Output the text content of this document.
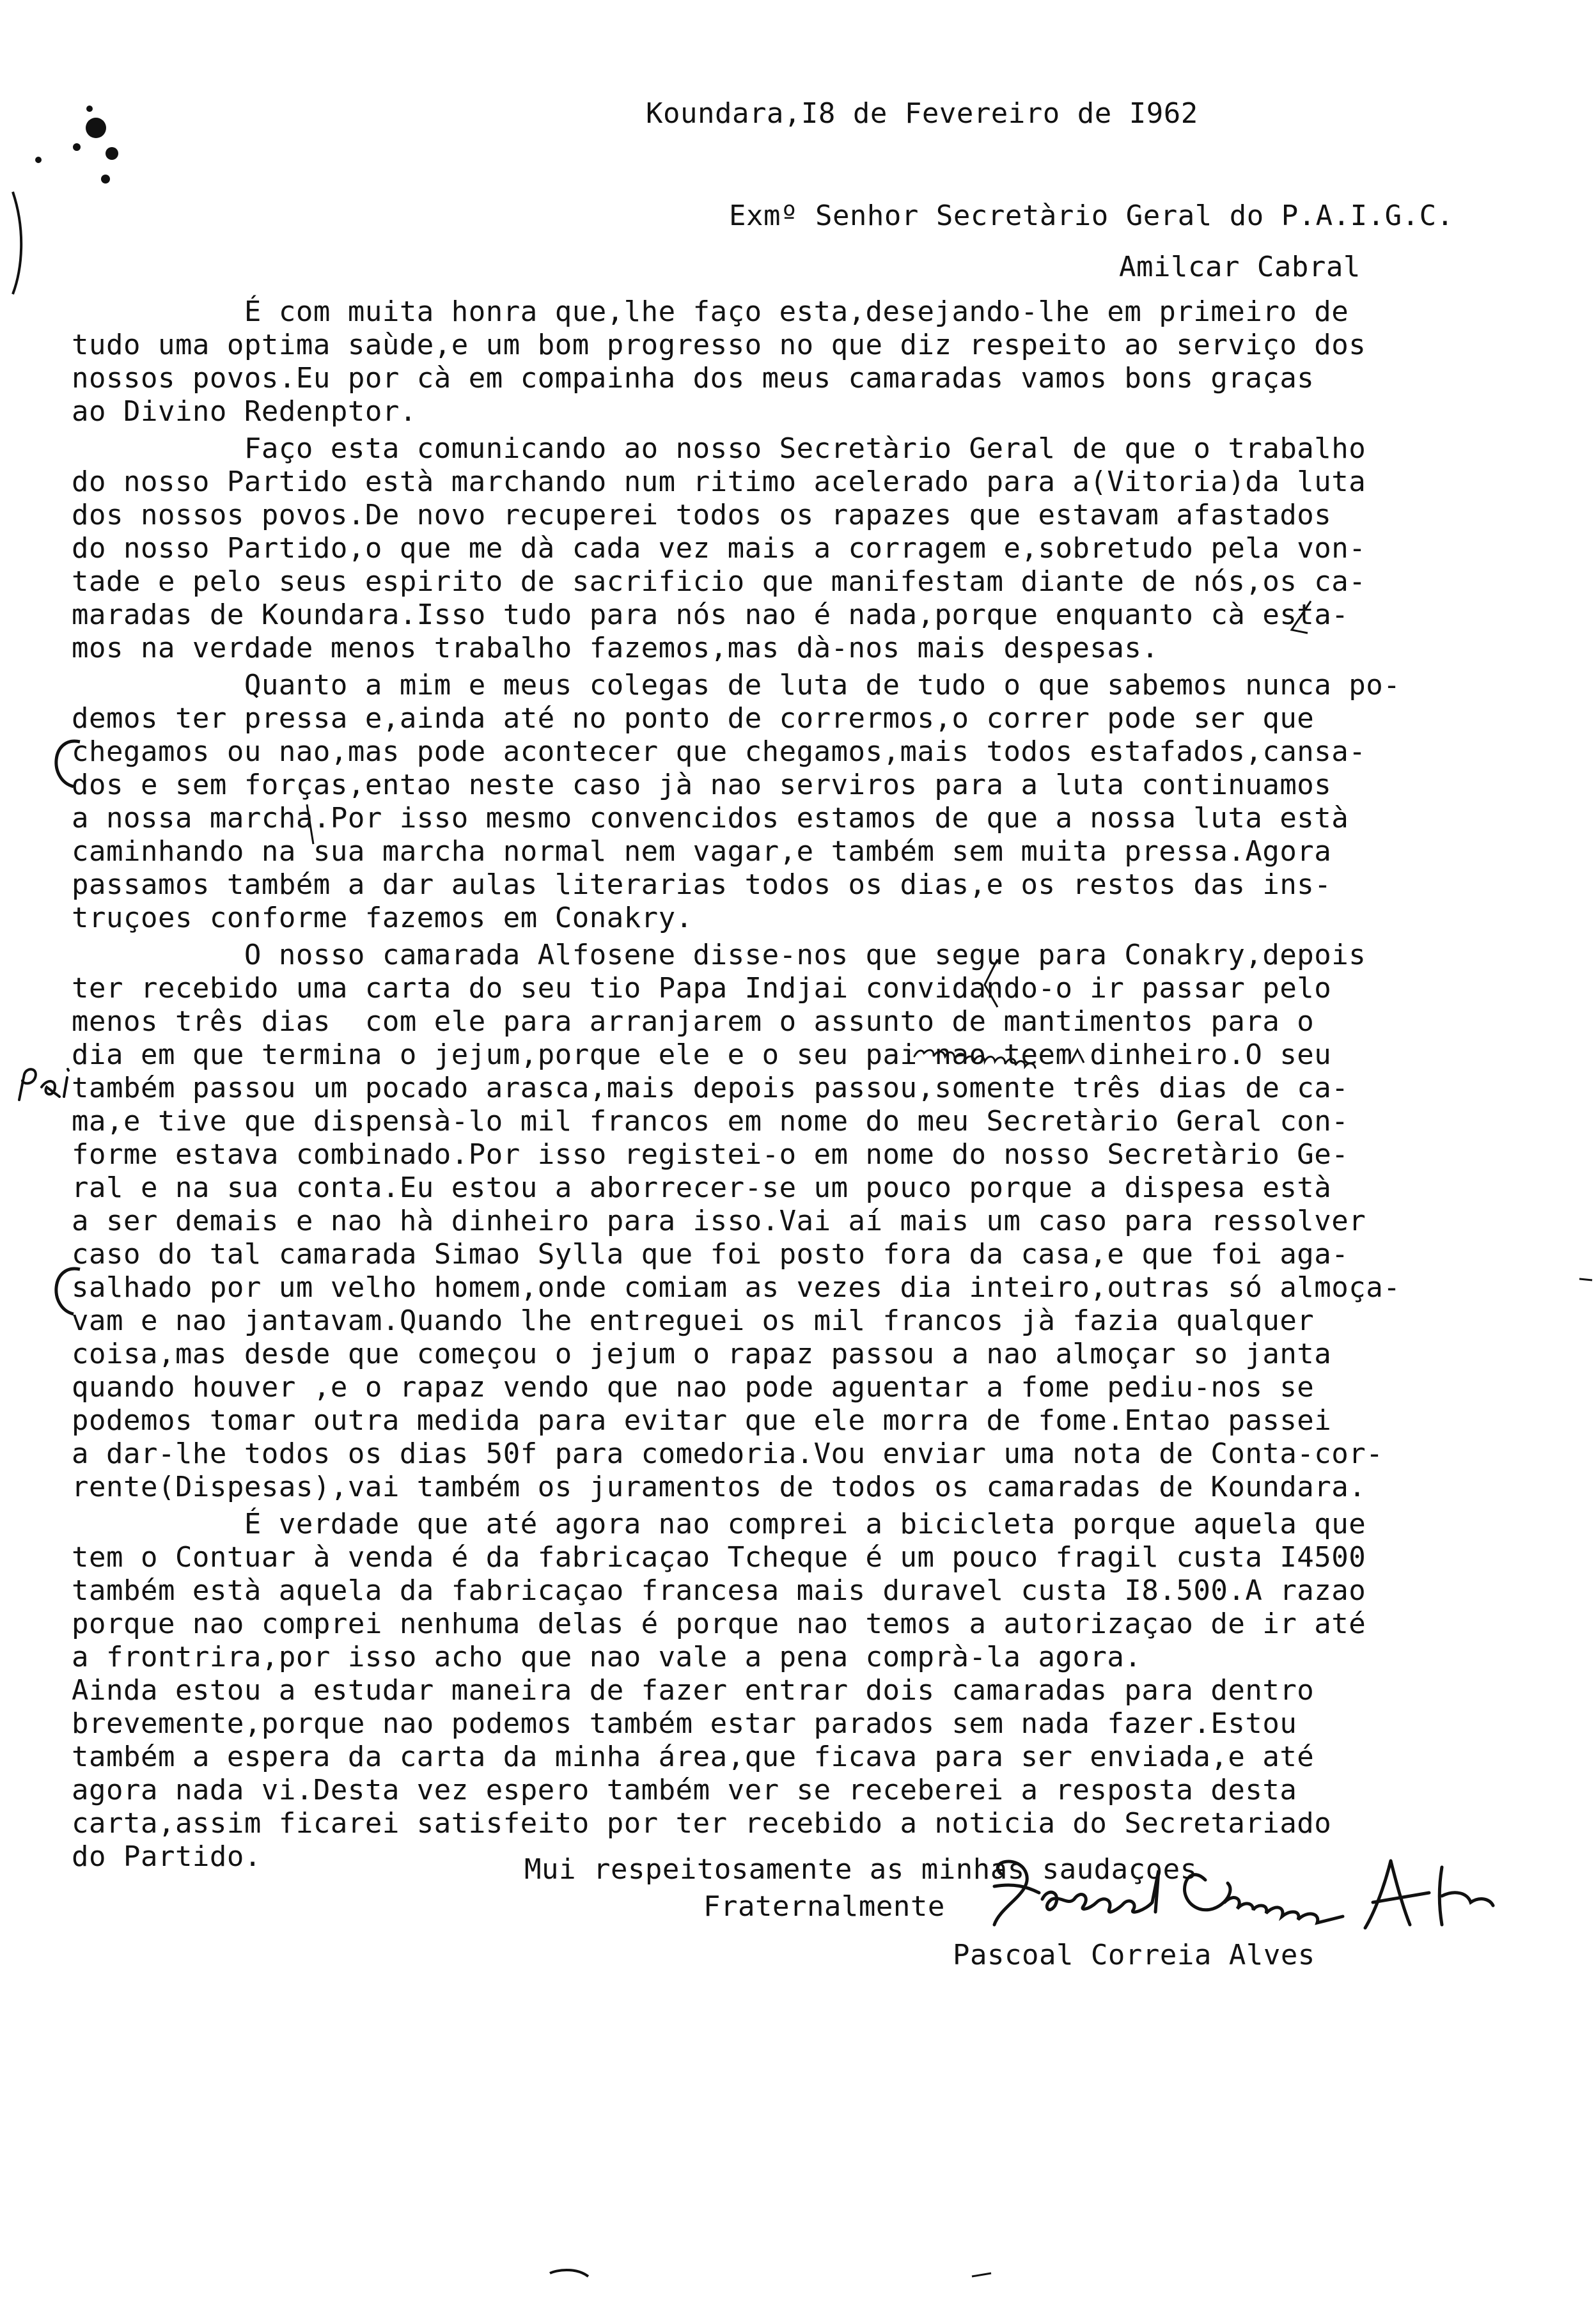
Koundara,I8 de Fevereiro de I962
Exmº Senhor Secretàrio Geral do P.A.I.G.C.
Amilcar Cabral
É com muita honra que,lhe faço esta,desejando-lhe em primeiro de
tudo uma optima saùde,e um bom progresso no que diz respeito ao serviço dos
nossos povos.Eu por cà em compainha dos meus camaradas vamos bons graças
ao Divino Redenptor.
Faço esta comunicando ao nosso Secretàrio Geral de que o trabalho
do nosso Partido està marchando num ritimo acelerado para a(Vitoria)da luta
dos nossos povos.De novo recuperei todos os rapazes que estavam afastados
do nosso Partido,o que me dà cada vez mais a corragem e,sobretudo pela von-
tade e pelo seus espirito de sacrificio que manifestam diante de nós,os ca-
maradas de Koundara.Isso tudo para nós nao é nada,porque enquanto cà esta-
mos na verdade menos trabalho fazemos,mas dà-nos mais despesas.
Quanto a mim e meus colegas de luta de tudo o que sabemos nunca po-
demos ter pressa e,ainda até no ponto de corrermos,o correr pode ser que
chegamos ou nao,mas pode acontecer que chegamos,mais todos estafados,cansa-
dos e sem forças,entao neste caso jà nao serviros para a luta continuamos
a nossa marcha.Por isso mesmo convencidos estamos de que a nossa luta està
caminhando na sua marcha normal nem vagar,e também sem muita pressa.Agora
passamos também a dar aulas literarias todos os dias,e os restos das ins-
truçoes conforme fazemos em Conakry.
O nosso camarada Alfosene disse-nos que segue para Conakry,depois
ter recebido uma carta do seu tio Papa Indjai convidando-o ir passar pelo
menos três dias  com ele para arranjarem o assunto de mantimentos para o
dia em que termina o jejum,porque ele e o seu pai nao teem dinheiro.O seu
também passou um pocado arasca,mais depois passou,somente três dias de ca-
ma,e tive que dispensà-lo mil francos em nome do meu Secretàrio Geral con-
forme estava combinado.Por isso registei-o em nome do nosso Secretàrio Ge-
ral e na sua conta.Eu estou a aborrecer-se um pouco porque a dispesa està
a ser demais e nao hà dinheiro para isso.Vai aí mais um caso para ressolver
caso do tal camarada Simao Sylla que foi posto fora da casa,e que foi aga-
salhado por um velho homem,onde comiam as vezes dia inteiro,outras só almoça-
vam e nao jantavam.Quando lhe entreguei os mil francos jà fazia qualquer
coisa,mas desde que começou o jejum o rapaz passou a nao almoçar so janta
quando houver ,e o rapaz vendo que nao pode aguentar a fome pediu-nos se
podemos tomar outra medida para evitar que ele morra de fome.Entao passei
a dar-lhe todos os dias 50f para comedoria.Vou enviar uma nota de Conta-cor-
rente(Dispesas),vai também os juramentos de todos os camaradas de Koundara.
É verdade que até agora nao comprei a bicicleta porque aquela que
tem o Contuar à venda é da fabricaçao Tcheque é um pouco fragil custa I4500
também està aquela da fabricaçao francesa mais duravel custa I8.500.A razao
porque nao comprei nenhuma delas é porque nao temos a autorizaçao de ir até
a frontrira,por isso acho que nao vale a pena comprà-la agora.
Ainda estou a estudar maneira de fazer entrar dois camaradas para dentro
brevemente,porque nao podemos também estar parados sem nada fazer.Estou
também a espera da carta da minha área,que ficava para ser enviada,e até
agora nada vi.Desta vez espero também ver se receberei a resposta desta
carta,assim ficarei satisfeito por ter recebido a noticia do Secretariado
do Partido.	Mui respeitosamente as minhas saudaçoes
Fraternalmente
Pascoal Correia Alves
